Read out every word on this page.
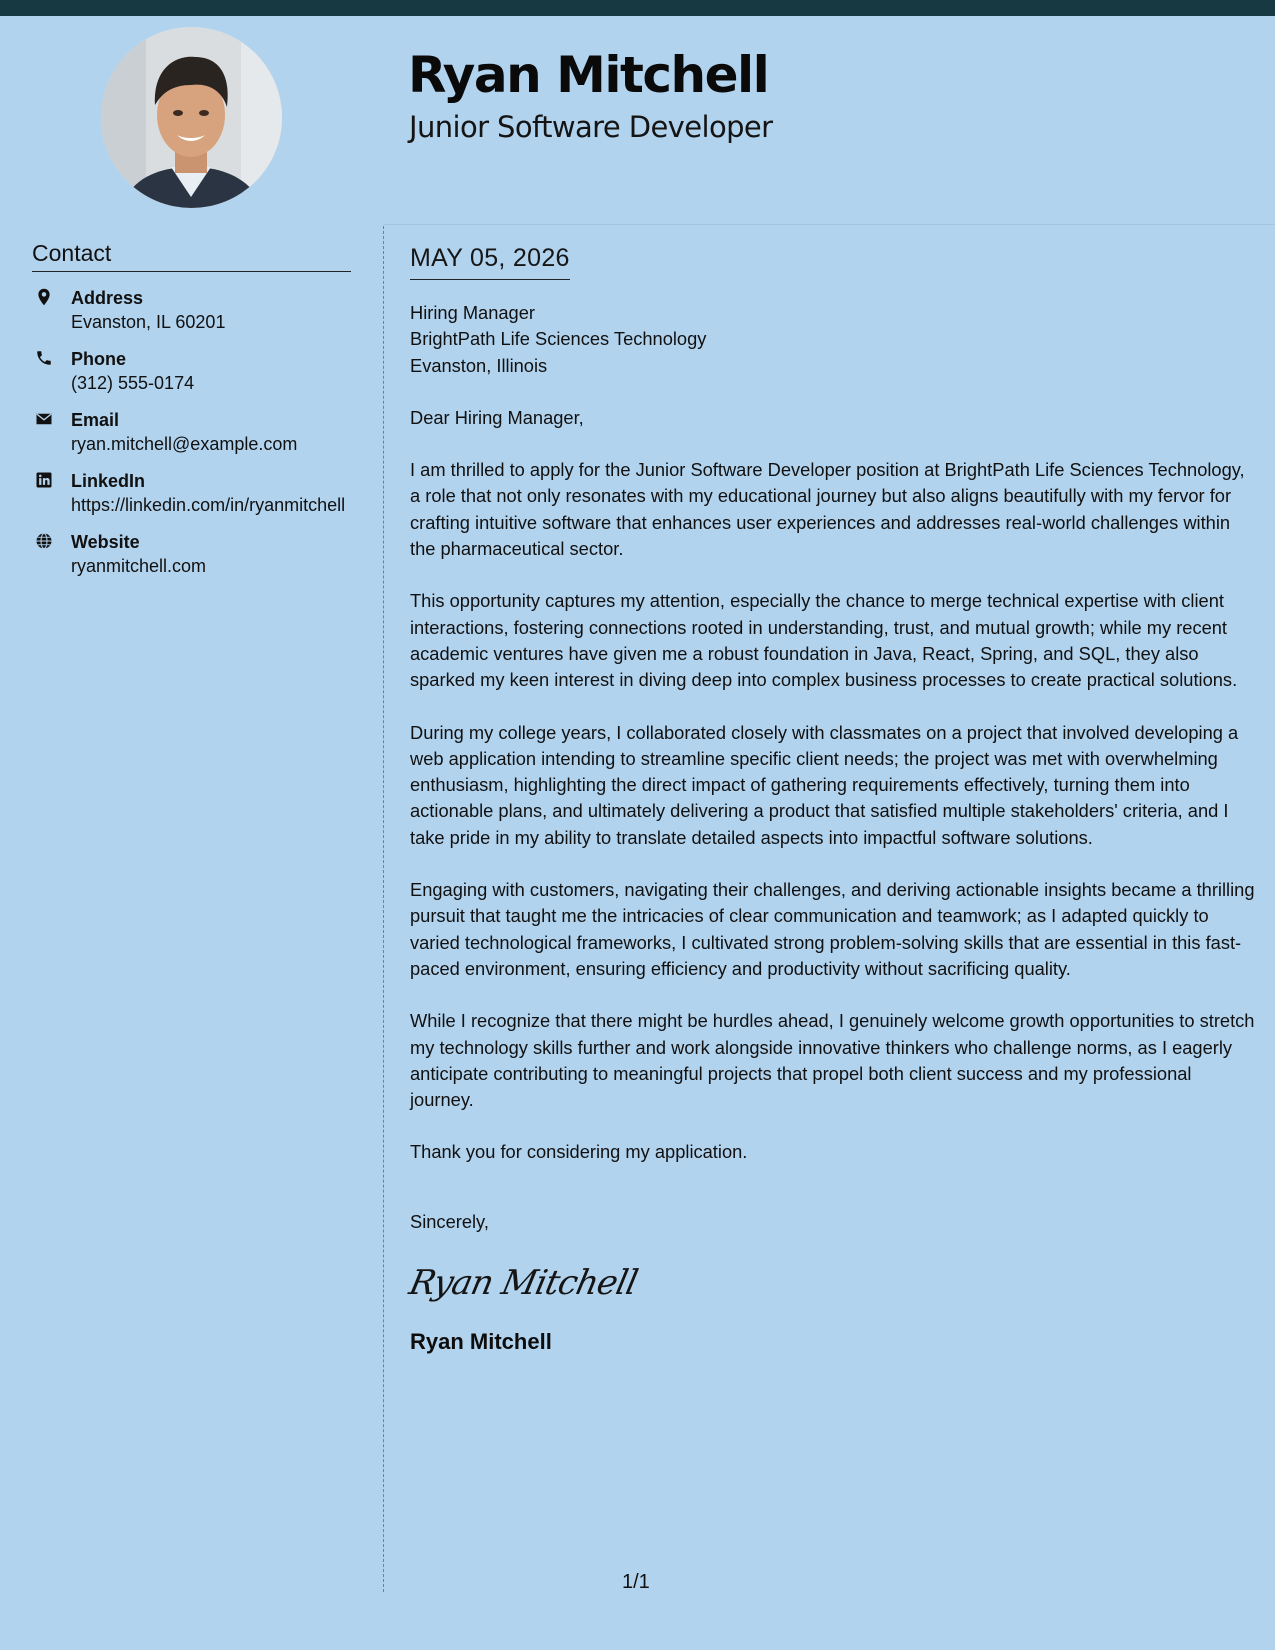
Ryan Mitchell
Junior Software Developer
Contact
Address
Evanston, IL 60201
Phone
(312) 555-0174
Email
ryan.mitchell@example.com
LinkedIn
https://linkedin.com/in/ryanmitchell
Website
ryanmitchell.com
MAY 05, 2026

Hiring Manager

BrightPath Life Sciences Technology

Evanston, Illinois

Dear Hiring Manager,

I am thrilled to apply for the Junior Software Developer position at BrightPath Life Sciences Technology, a role that not only resonates with my educational journey but also aligns beautifully with my fervor for crafting intuitive software that enhances user experiences and addresses real-world challenges within the pharmaceutical sector.

This opportunity captures my attention, especially the chance to merge technical expertise with client interactions, fostering connections rooted in understanding, trust, and mutual growth; while my recent academic ventures have given me a robust foundation in Java, React, Spring, and SQL, they also sparked my keen interest in diving deep into complex business processes to create practical solutions.

During my college years, I collaborated closely with classmates on a project that involved developing a web application intending to streamline specific client needs; the project was met with overwhelming enthusiasm, highlighting the direct impact of gathering requirements effectively, turning them into actionable plans, and ultimately delivering a product that satisfied multiple stakeholders' criteria, and I take pride in my ability to translate detailed aspects into impactful software solutions.

Engaging with customers, navigating their challenges, and deriving actionable insights became a thrilling pursuit that taught me the intricacies of clear communication and teamwork; as I adapted quickly to varied technological frameworks, I cultivated strong problem-solving skills that are essential in this fast-paced environment, ensuring efficiency and productivity without sacrificing quality.

While I recognize that there might be hurdles ahead, I genuinely welcome growth opportunities to stretch my technology skills further and work alongside innovative thinkers who challenge norms, as I eagerly anticipate contributing to meaningful projects that propel both client success and my professional journey.

Thank you for considering my application.

Sincerely,

Ryan Mitchell
Ryan Mitchell
1/1
